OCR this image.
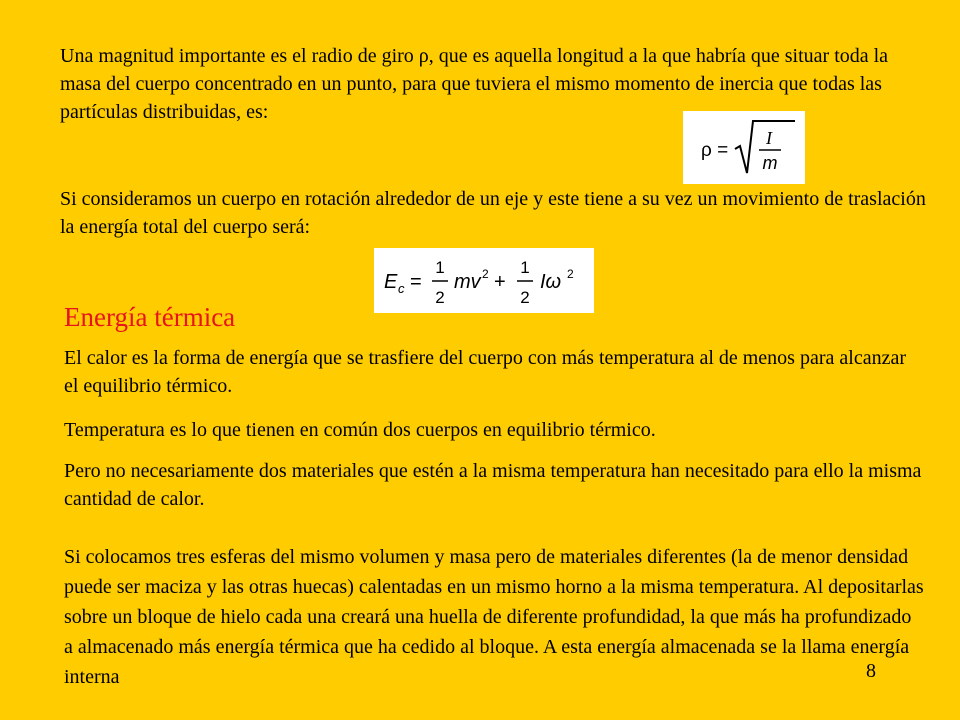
Una magnitud importante es el radio de giro ρ, que es aquella longitud a la que habría que situar toda la masa del cuerpo concentrado en un punto, para que tuviera el mismo momento de inercia que todas las partículas distribuidas, es:

ρ =
I
m

Si consideramos un cuerpo en rotación alrededor de un eje y este tiene a su vez un movimiento de traslación la energía total del cuerpo será:

E c =
1
2
mv 2 +
1
2
Iω 2
Energía térmica

El calor es la forma de energía que se trasfiere del cuerpo con más temperatura al de menos para alcanzar el equilibrio térmico.

Temperatura es lo que tienen en común dos cuerpos en equilibrio térmico.

Pero no necesariamente dos materiales que estén a la misma temperatura han necesitado para ello la misma cantidad de calor.

Si colocamos tres esferas del mismo volumen y masa pero de materiales diferentes (la de menor densidad puede ser maciza y las otras huecas) calentadas en un mismo horno a la misma temperatura. Al depositarlas sobre un bloque de hielo cada una creará una huella de diferente profundidad, la que más ha profundizado a almacenado más energía térmica que ha cedido al bloque. A esta energía almacenada se la llama energía interna	8
